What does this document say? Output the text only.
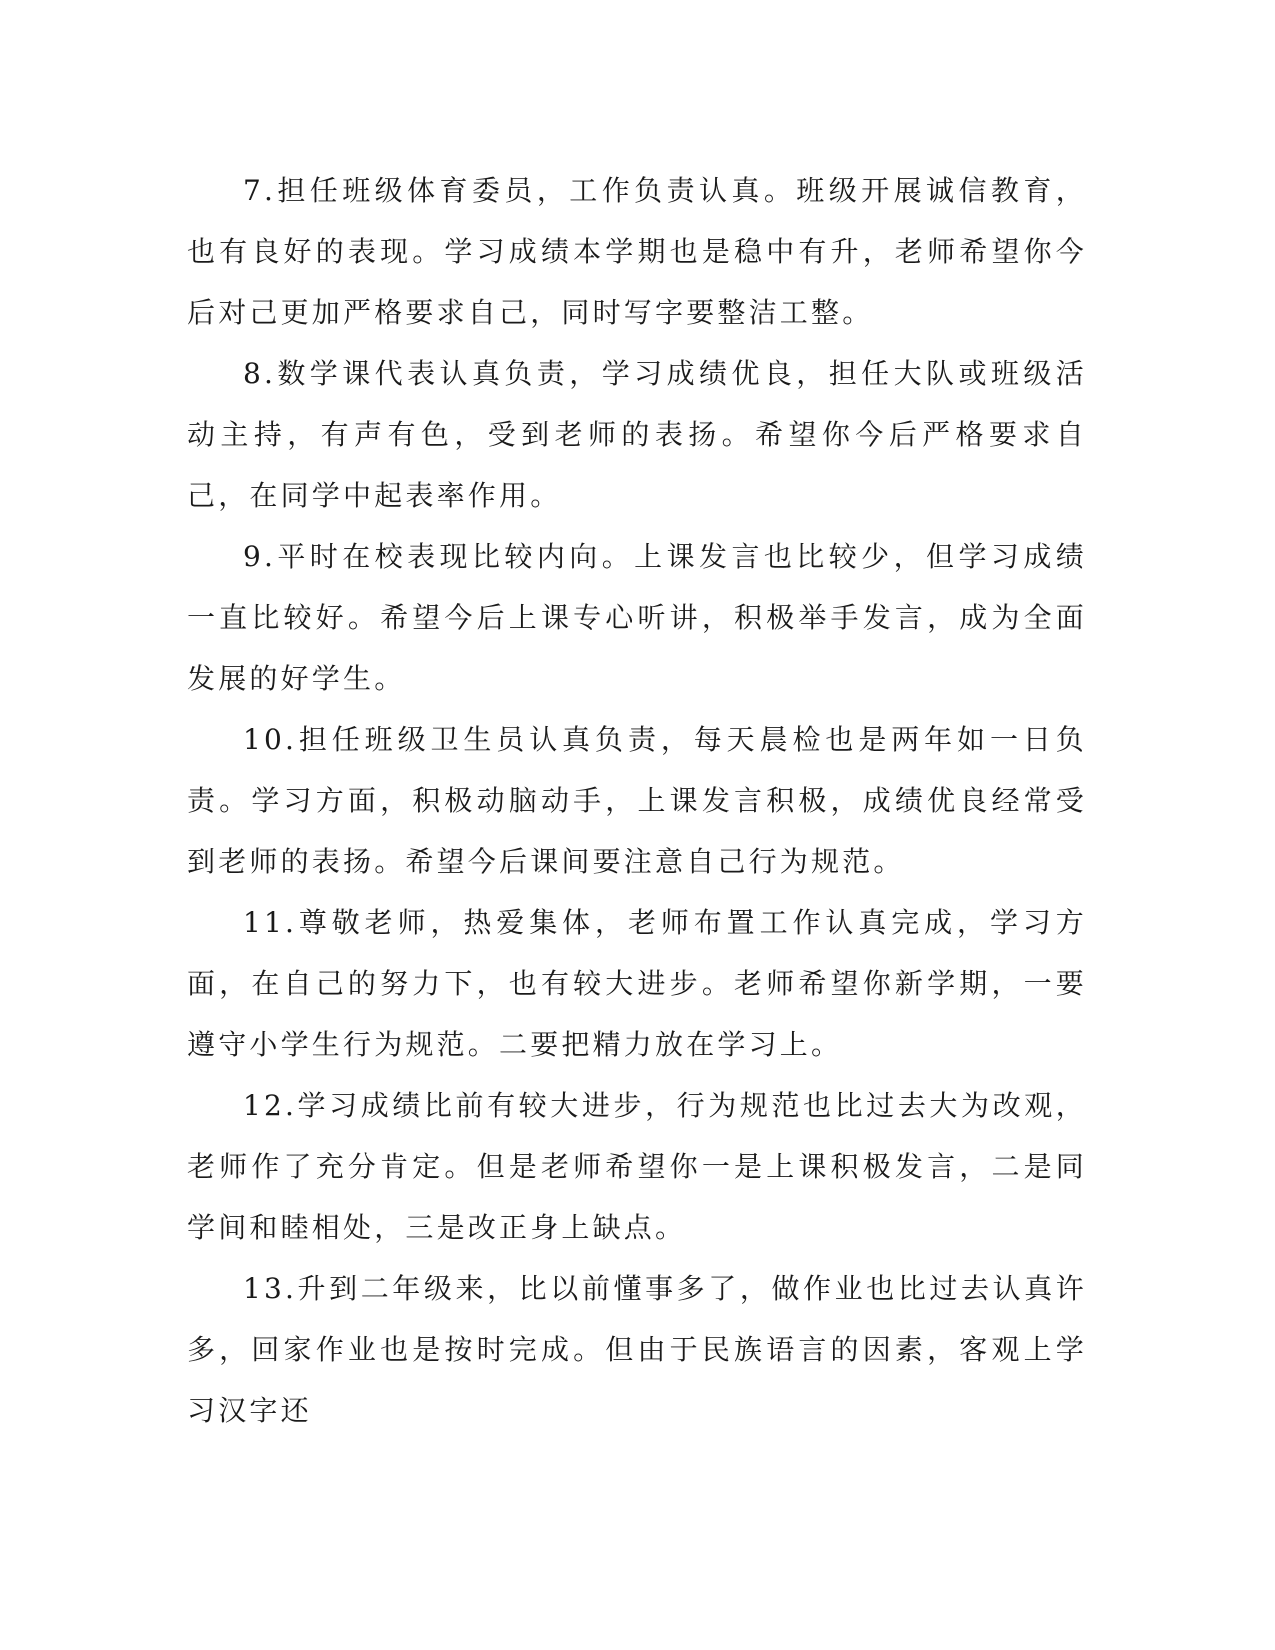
7.担任班级体育委员，工作负责认真。班级开展诚信教育，也有良好的表现。学习成绩本学期也是稳中有升，老师希望你今后对己更加严格要求自己，同时写字要整洁工整。

8.数学课代表认真负责，学习成绩优良，担任大队或班级活动主持，有声有色，受到老师的表扬。希望你今后严格要求自己，在同学中起表率作用。

9.平时在校表现比较内向。上课发言也比较少，但学习成绩一直比较好。希望今后上课专心听讲，积极举手发言，成为全面发展的好学生。

10.担任班级卫生员认真负责，每天晨检也是两年如一日负责。学习方面，积极动脑动手，上课发言积极，成绩优良经常受到老师的表扬。希望今后课间要注意自己行为规范。

11.尊敬老师，热爱集体，老师布置工作认真完成，学习方面，在自己的努力下，也有较大进步。老师希望你新学期，一要遵守小学生行为规范。二要把精力放在学习上。

12.学习成绩比前有较大进步，行为规范也比过去大为改观，老师作了充分肯定。但是老师希望你一是上课积极发言，二是同学间和睦相处，三是改正身上缺点。

13.升到二年级来，比以前懂事多了，做作业也比过去认真许多，回家作业也是按时完成。但由于民族语言的因素，客观上学习汉字还
